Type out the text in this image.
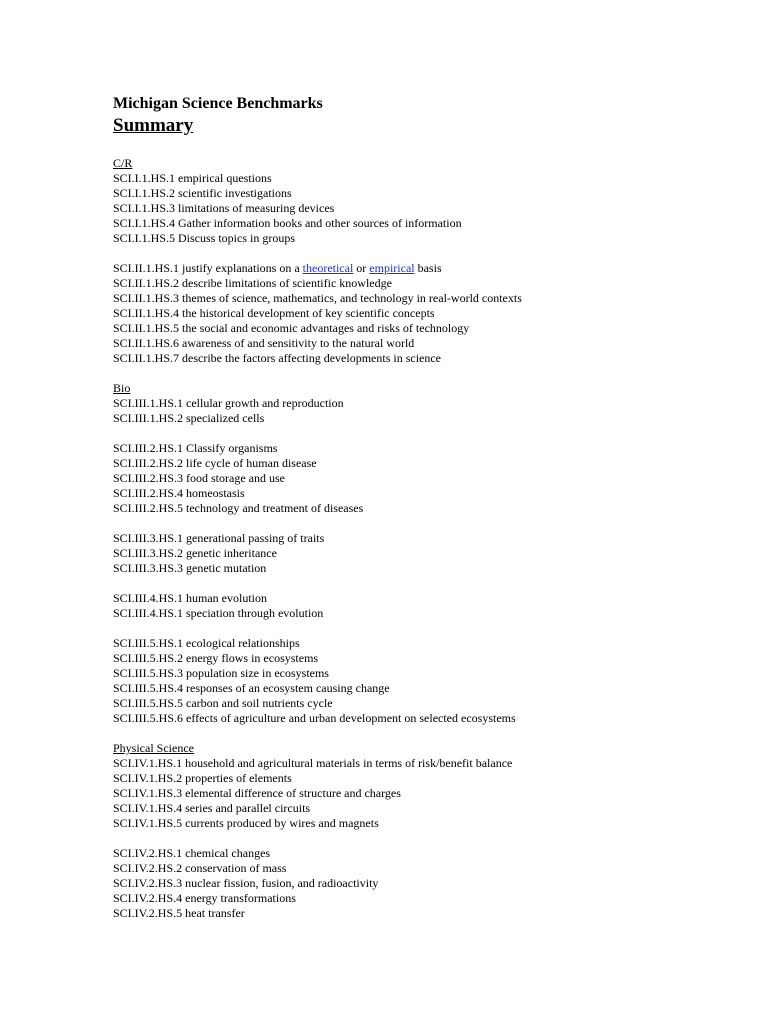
Michigan Science Benchmarks
Summary

C/R

SCI.I.1.HS.1 empirical questions

SCI.I.1.HS.2 scientific investigations

SCI.I.1.HS.3 limitations of measuring devices

SCI.I.1.HS.4 Gather information books and other sources of information

SCI.I.1.HS.5 Discuss topics in groups

SCI.II.1.HS.1 justify explanations on a theoretical or empirical basis

SCI.II.1.HS.2 describe limitations of scientific knowledge

SCI.II.1.HS.3 themes of science, mathematics, and technology in real-world contexts

SCI.II.1.HS.4 the historical development of key scientific concepts

SCI.II.1.HS.5 the social and economic advantages and risks of technology

SCI.II.1.HS.6 awareness of and sensitivity to the natural world

SCI.II.1.HS.7 describe the factors affecting developments in science

Bio

SCI.III.1.HS.1 cellular growth and reproduction

SCI.III.1.HS.2 specialized cells

SCI.III.2.HS.1 Classify organisms

SCI.III.2.HS.2 life cycle of human disease

SCI.III.2.HS.3 food storage and use

SCI.III.2.HS.4 homeostasis

SCI.III.2.HS.5 technology and treatment of diseases

SCI.III.3.HS.1 generational passing of traits

SCI.III.3.HS.2 genetic inheritance

SCI.III.3.HS.3 genetic mutation

SCI.III.4.HS.1 human evolution

SCI.III.4.HS.1 speciation through evolution

SCI.III.5.HS.1 ecological relationships

SCI.III.5.HS.2 energy flows in ecosystems

SCI.III.5.HS.3 population size in ecosystems

SCI.III.5.HS.4 responses of an ecosystem causing change

SCI.III.5.HS.5 carbon and soil nutrients cycle

SCI.III.5.HS.6 effects of agriculture and urban development on selected ecosystems

Physical Science

SCI.IV.1.HS.1 household and agricultural materials in terms of risk/benefit balance

SCI.IV.1.HS.2 properties of elements

SCI.IV.1.HS.3 elemental difference of structure and charges

SCI.IV.1.HS.4 series and parallel circuits

SCI.IV.1.HS.5 currents produced by wires and magnets

SCI.IV.2.HS.1 chemical changes

SCI.IV.2.HS.2 conservation of mass

SCI.IV.2.HS.3 nuclear fission, fusion, and radioactivity

SCI.IV.2.HS.4 energy transformations

SCI.IV.2.HS.5 heat transfer
